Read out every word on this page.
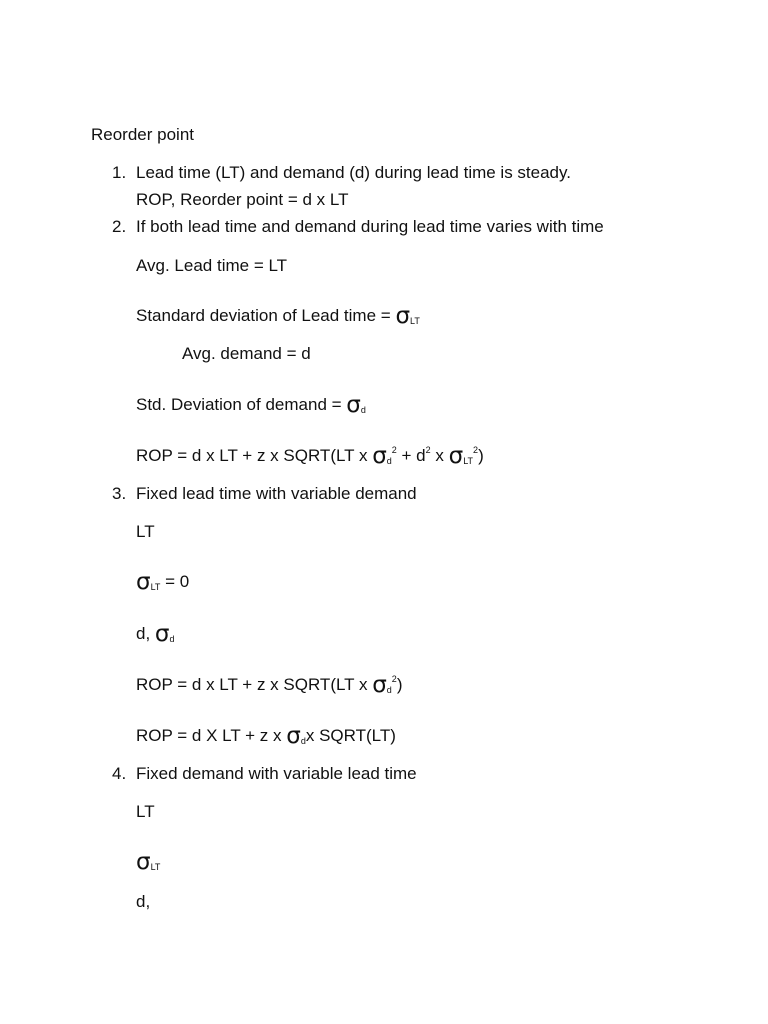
Reorder point
1. Lead time (LT) and demand (d) during lead time is steady.
ROP, Reorder point = d x LT
2. If both lead time and demand during lead time varies with time
Avg. Lead time = LT
Standard deviation of Lead time = $\sigma_{LT}$
Avg. demand = d
Std. Deviation of demand = $\sigma_d$
ROP = d x LT + z x SQRT(LT x $\sigma_d^2 + d^2$ x $\sigma_{LT}^2$)
3. Fixed lead time with variable demand
LT
$\sigma_{LT} = 0$
d, $\sigma_d$
ROP = d x LT + z x SQRT(LT x $\sigma_d^2$)
ROP = d X LT + z x $\sigma_dx$ SQRT(LT)
4. Fixed demand with variable lead time
LT
$\sigma_{LT}$
d,
